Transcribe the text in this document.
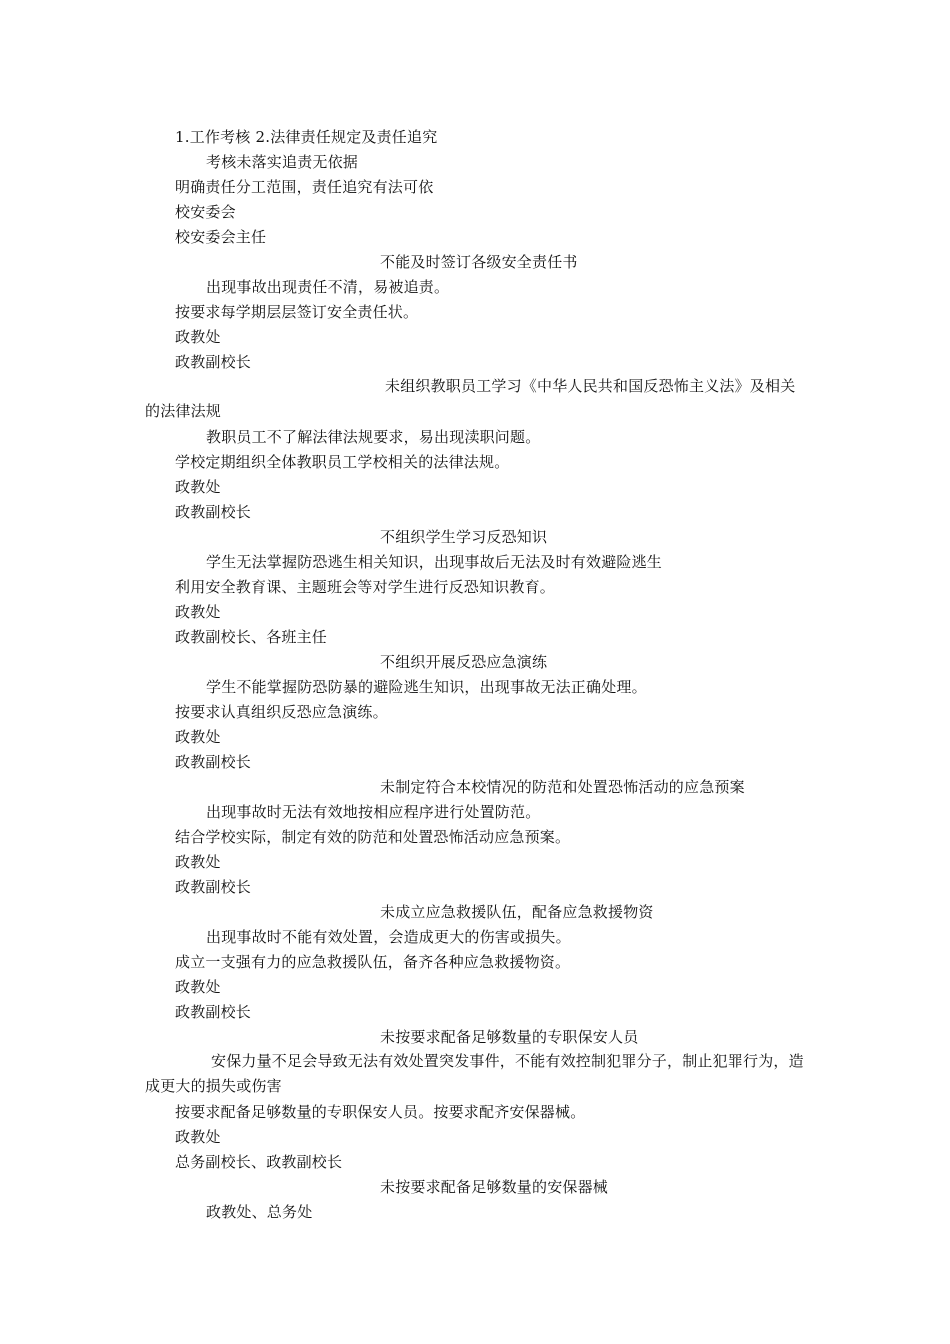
1.工作考核 2.法律责任规定及责任追究
考核未落实追责无依据
明确责任分工范围，责任追究有法可依
校安委会
校安委会主任
不能及时签订各级安全责任书
出现事故出现责任不清，易被追责。
按要求每学期层层签订安全责任状。
政教处
政教副校长
未组织教职员工学习《中华人民共和国反恐怖主义法》及相关的法律法规
教职员工不了解法律法规要求，易出现渎职问题。
学校定期组织全体教职员工学校相关的法律法规。
政教处
政教副校长
不组织学生学习反恐知识
学生无法掌握防恐逃生相关知识，出现事故后无法及时有效避险逃生
利用安全教育课、主题班会等对学生进行反恐知识教育。
政教处
政教副校长、各班主任
不组织开展反恐应急演练
学生不能掌握防恐防暴的避险逃生知识，出现事故无法正确处理。
按要求认真组织反恐应急演练。
政教处
政教副校长
未制定符合本校情况的防范和处置恐怖活动的应急预案
出现事故时无法有效地按相应程序进行处置防范。
结合学校实际，制定有效的防范和处置恐怖活动应急预案。
政教处
政教副校长
未成立应急救援队伍，配备应急救援物资
出现事故时不能有效处置，会造成更大的伤害或损失。
成立一支强有力的应急救援队伍，备齐各种应急救援物资。
政教处
政教副校长
未按要求配备足够数量的专职保安人员
安保力量不足会导致无法有效处置突发事件，不能有效控制犯罪分子，制止犯罪行为，造成更大的损失或伤害
按要求配备足够数量的专职保安人员。按要求配齐安保器械。
政教处
总务副校长、政教副校长
未按要求配备足够数量的安保器械
政教处、总务处
